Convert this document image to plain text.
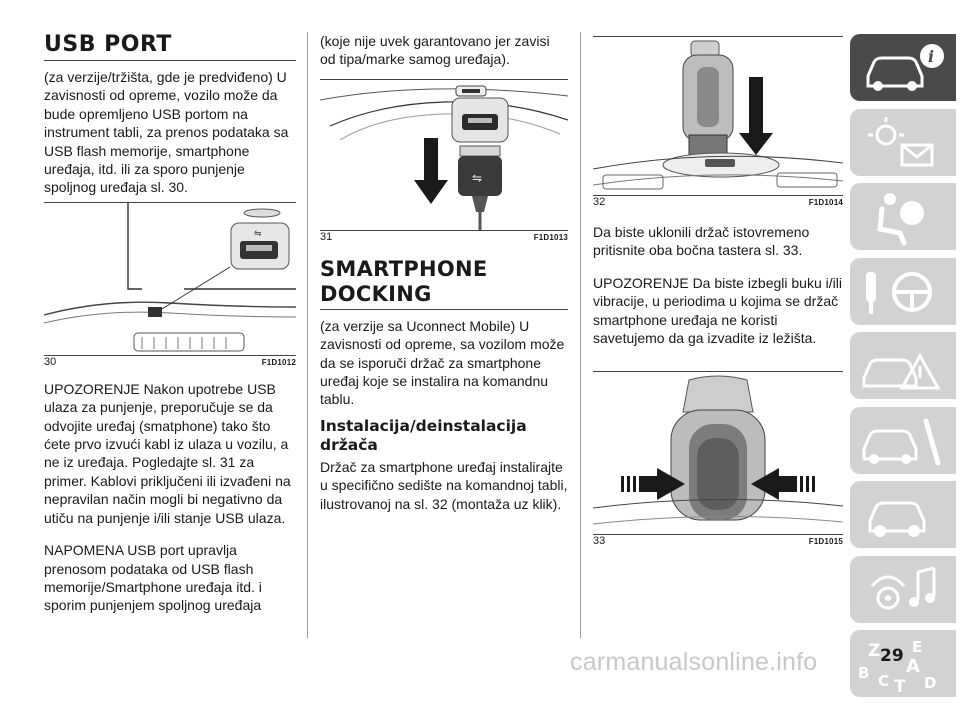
USB PORT

(za verzije/tržišta, gde je predviđeno) U zavisnosti od opreme, vozilo može da bude opremljeno USB portom na instrument tabli, za prenos podataka sa USB flash memorije, smartphone uređaja, itd. ili za sporo punjenje spoljnog uređaja sl. 30.

⇋
30	F1D1012

UPOZORENJE Nakon upotrebe USB ulaza za punjenje, preporučuje se da odvojite uređaj (smatphone) tako što ćete prvo izvući kabl iz ulaza u vozilu, a ne iz uređaja. Pogledajte sl. 31 za primer. Kablovi priključeni ili izvađeni na nepravilan način mogli bi negativno da utiču na punjenje i/ili stanje USB ulaza.

NAPOMENA USB port upravlja prenosom podataka od USB flash memorije/Smartphone uređaja itd. i sporim punjenjem spoljnog uređaja

(koje nije uvek garantovano jer zavisi od tipa/marke samog uređaja).

⇋
31	F1D1013
SMARTPHONE
DOCKING

(za verzije sa Uconnect Mobile) U zavisnosti od opreme, sa vozilom može da se isporuči držač za smartphone uređaj koje se instalira na komandnu tablu.

Instalacija/deinstalacija držača

Držač za smartphone uređaj instalirajte u specifično sedište na komandnoj tabli, ilustrovanoj na sl. 32 (montaža uz klik).

32	F1D1014

Da biste uklonili držač istovremeno pritisnite oba bočna tastera sl. 33.

UPOZORENJE Da biste izbegli buku i/ili vibracije, u periodima u kojima se držač smartphone uređaja ne koristi savetujemo da ga izvadite iz ležišta.

33	F1D1015
i
Z E
B A
C T D
carmanualsonline.info	29
